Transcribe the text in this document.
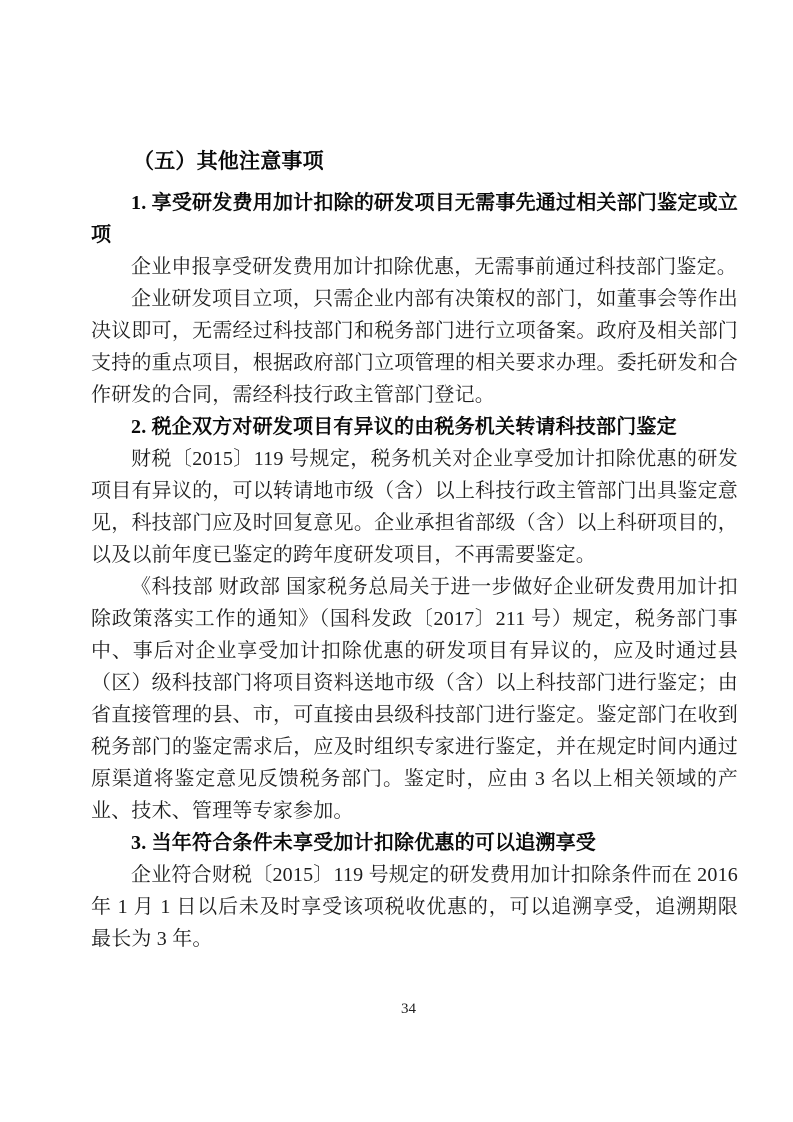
（五）其他注意事项

1. 享受研发费用加计扣除的研发项目无需事先通过相关部门鉴定或立项

企业申报享受研发费用加计扣除优惠，无需事前通过科技部门鉴定。

企业研发项目立项，只需企业内部有决策权的部门，如董事会等作出决议即可，无需经过科技部门和税务部门进行立项备案。政府及相关部门支持的重点项目，根据政府部门立项管理的相关要求办理。委托研发和合作研发的合同，需经科技行政主管部门登记。

2. 税企双方对研发项目有异议的由税务机关转请科技部门鉴定

财税〔2015〕119 号规定，税务机关对企业享受加计扣除优惠的研发项目有异议的，可以转请地市级（含）以上科技行政主管部门出具鉴定意见，科技部门应及时回复意见。企业承担省部级（含）以上科研项目的，以及以前年度已鉴定的跨年度研发项目，不再需要鉴定。

《科技部 财政部 国家税务总局关于进一步做好企业研发费用加计扣除政策落实工作的通知》（国科发政〔2017〕211 号）规定，税务部门事中、事后对企业享受加计扣除优惠的研发项目有异议的，应及时通过县（区）级科技部门将项目资料送地市级（含）以上科技部门进行鉴定；由省直接管理的县、市，可直接由县级科技部门进行鉴定。鉴定部门在收到税务部门的鉴定需求后，应及时组织专家进行鉴定，并在规定时间内通过原渠道将鉴定意见反馈税务部门。鉴定时，应由 3 名以上相关领域的产业、技术、管理等专家参加。

3. 当年符合条件未享受加计扣除优惠的可以追溯享受

企业符合财税〔2015〕119 号规定的研发费用加计扣除条件而在 2016 年 1 月 1 日以后未及时享受该项税收优惠的，可以追溯享受，追溯期限最长为 3 年。

34
